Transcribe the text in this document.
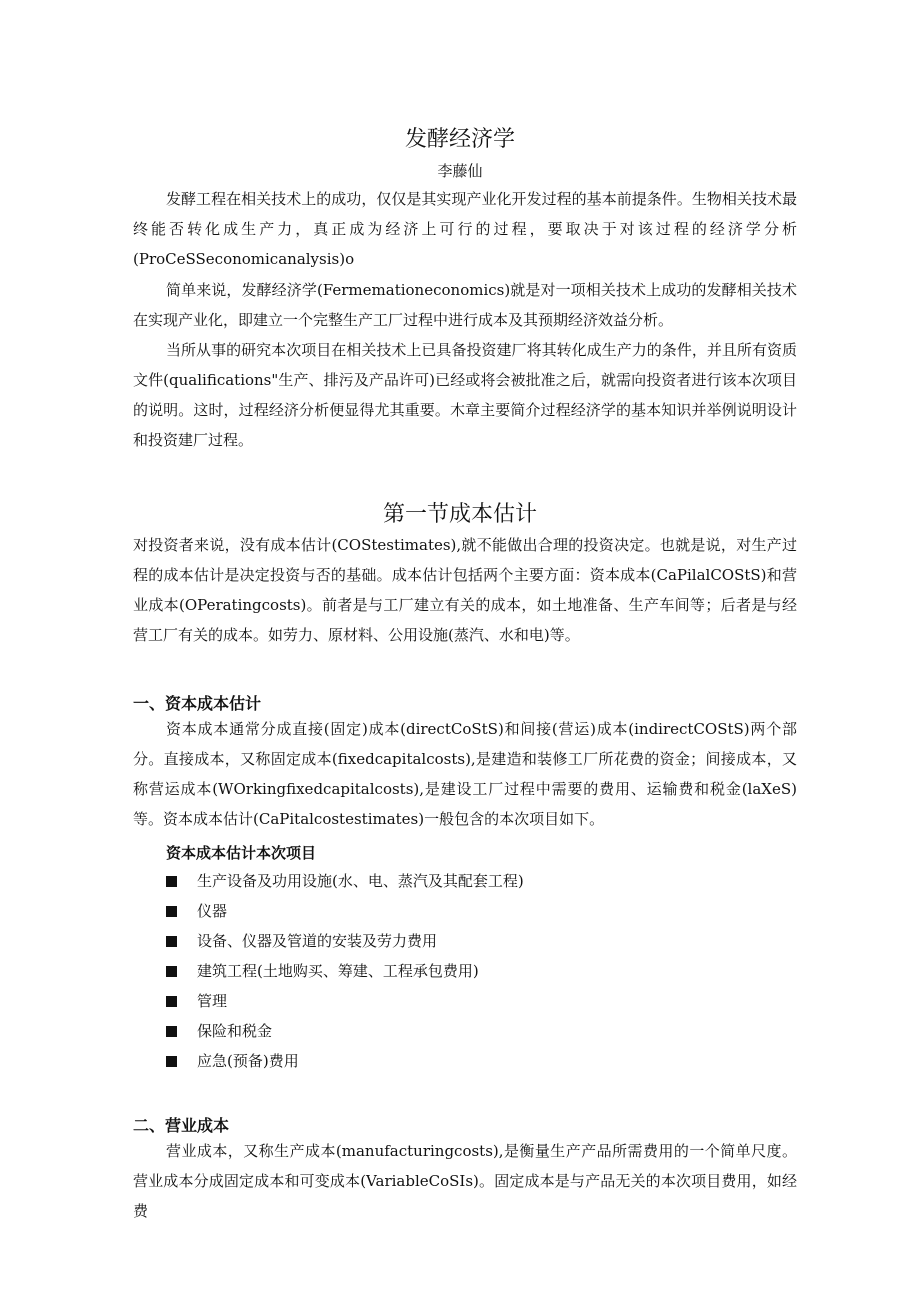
发酵经济学

李藤仙

发酵工程在相关技术上的成功，仅仅是其实现产业化开发过程的基本前提条件。生物相关技术最终能否转化成生产力，真正成为经济上可行的过程，要取决于对该过程的经济学分析(ProCeSSeconomicanalysis)o

简单来说，发酵经济学(Fermemationeconomics)就是对一项相关技术上成功的发酵相关技术在实现产业化，即建立一个完整生产工厂过程中进行成本及其预期经济效益分析。

当所从事的研究本次项目在相关技术上已具备投资建厂将其转化成生产力的条件，并且所有资质文件(qualifications"生产、排污及产品许可)已经或将会被批准之后，就需向投资者进行该本次项目的说明。这时，过程经济分析便显得尤其重要。木章主要简介过程经济学的基本知识并举例说明设计和投资建厂过程。

第一节成本估计

对投资者来说，没有成本估计(COStestimates),就不能做出合理的投资决定。也就是说，对生产过程的成本估计是决定投资与否的基础。成本估计包括两个主要方面：资本成本(CaPilalCOStS)和营业成本(OPeratingcosts)。前者是与工厂建立有关的成本，如土地准备、生产车间等；后者是与经营工厂有关的成本。如劳力、原材料、公用设施(蒸汽、水和电)等。

一、资本成本估计

资本成本通常分成直接(固定)成本(directCoStS)和间接(营运)成本(indirectCOStS)两个部分。直接成本，又称固定成本(fixedcapitalcosts),是建造和装修工厂所花费的资金；间接成本，又称营运成本(WOrkingfixedcapitalcosts),是建设工厂过程中需要的费用、运输费和税金(laXeS)等。资本成本估计(CaPitalcostestimates)一般包含的本次项目如下。

资本成本估计本次项目

生产设备及功用设施(水、电、蒸汽及其配套工程)
仪器
设备、仪器及管道的安装及劳力费用
建筑工程(土地购买、筹建、工程承包费用)
管理
保险和税金
应急(预备)费用
二、营业成本

营业成本，又称生产成本(manufacturingcosts),是衡量生产产品所需费用的一个简单尺度。营业成本分成固定成本和可变成本(VariableCoSIs)。固定成本是与产品无关的本次项目费用，如经费
